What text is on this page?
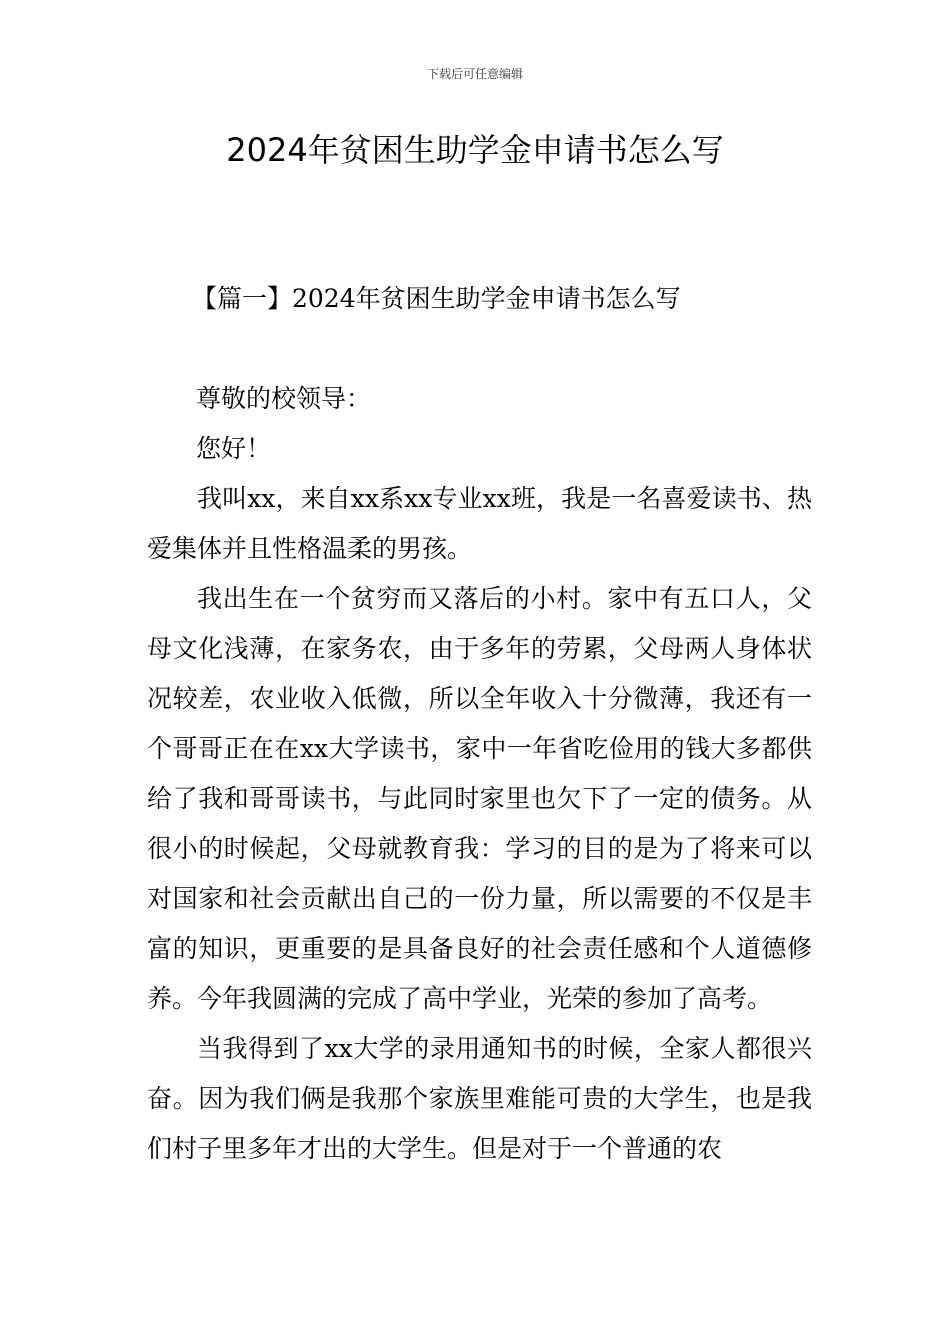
下载后可任意编辑
2024年贫困生助学金申请书怎么写
【篇一】2024年贫困生助学金申请书怎么写
尊敬的校领导：
您好！

我叫xx，来自xx系xx专业xx班，我是一名喜爱读书、热爱集体并且性格温柔的男孩。

我出生在一个贫穷而又落后的小村。家中有五口人，父母文化浅薄，在家务农，由于多年的劳累，父母两人身体状况较差，农业收入低微，所以全年收入十分微薄，我还有一个哥哥正在在xx大学读书，家中一年省吃俭用的钱大多都供给了我和哥哥读书，与此同时家里也欠下了一定的债务。从很小的时候起，父母就教育我：学习的目的是为了将来可以对国家和社会贡献出自己的一份力量，所以需要的不仅是丰富的知识，更重要的是具备良好的社会责任感和个人道德修养。今年我圆满的完成了高中学业，光荣的参加了高考。

当我得到了xx大学的录用通知书的时候，全家人都很兴奋。因为我们俩是我那个家族里难能可贵的大学生，也是我们村子里多年才出的大学生。但是对于一个普通的农
